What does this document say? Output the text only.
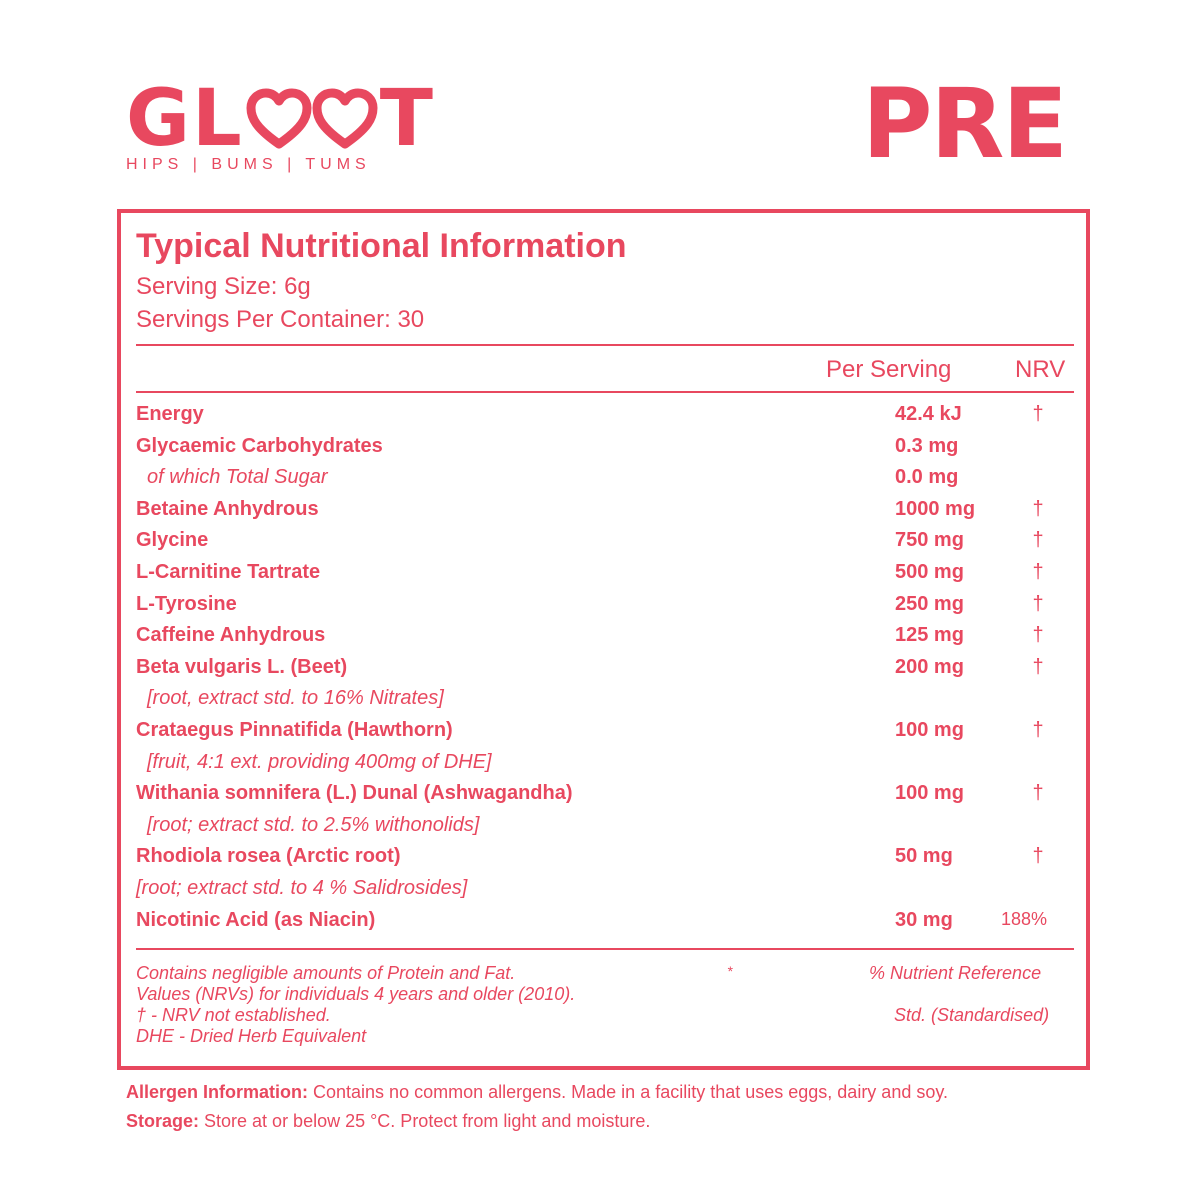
GL T
HIPS | BUMS | TUMS	PRE
Typical Nutritional Information
Serving Size: 6g
Servings Per Container: 30
Per Serving	NRV
Energy	42.4 kJ	†
Glycaemic Carbohydrates	0.3 mg
of which Total Sugar	0.0 mg
Betaine Anhydrous	1000 mg	†
Glycine	750 mg	†
L-Carnitine Tartrate	500 mg	†
L-Tyrosine	250 mg	†
Caffeine Anhydrous	125 mg	†
Beta vulgaris L. (Beet)	200 mg	†
[root, extract std. to 16% Nitrates]
Crataegus Pinnatifida (Hawthorn)	100 mg	†
[fruit, 4:1 ext. providing 400mg of DHE]
Withania somnifera (L.) Dunal (Ashwagandha)	100 mg	†
[root; extract std. to 2.5% withonolids]
Rhodiola rosea (Arctic root)	50 mg	†
[root; extract std. to 4 % Salidrosides]
Nicotinic Acid (as Niacin)	30 mg	188%
Contains negligible amounts of Protein and Fat.
Values (NRVs) for individuals 4 years and older (2010).
† - NRV not established.
DHE - Dried Herb Equivalent
*	% Nutrient Reference
Std. (Standardised)
Allergen Information: Contains no common allergens. Made in a facility that uses eggs, dairy and soy.
Storage: Store at or below 25 °C. Protect from light and moisture.
